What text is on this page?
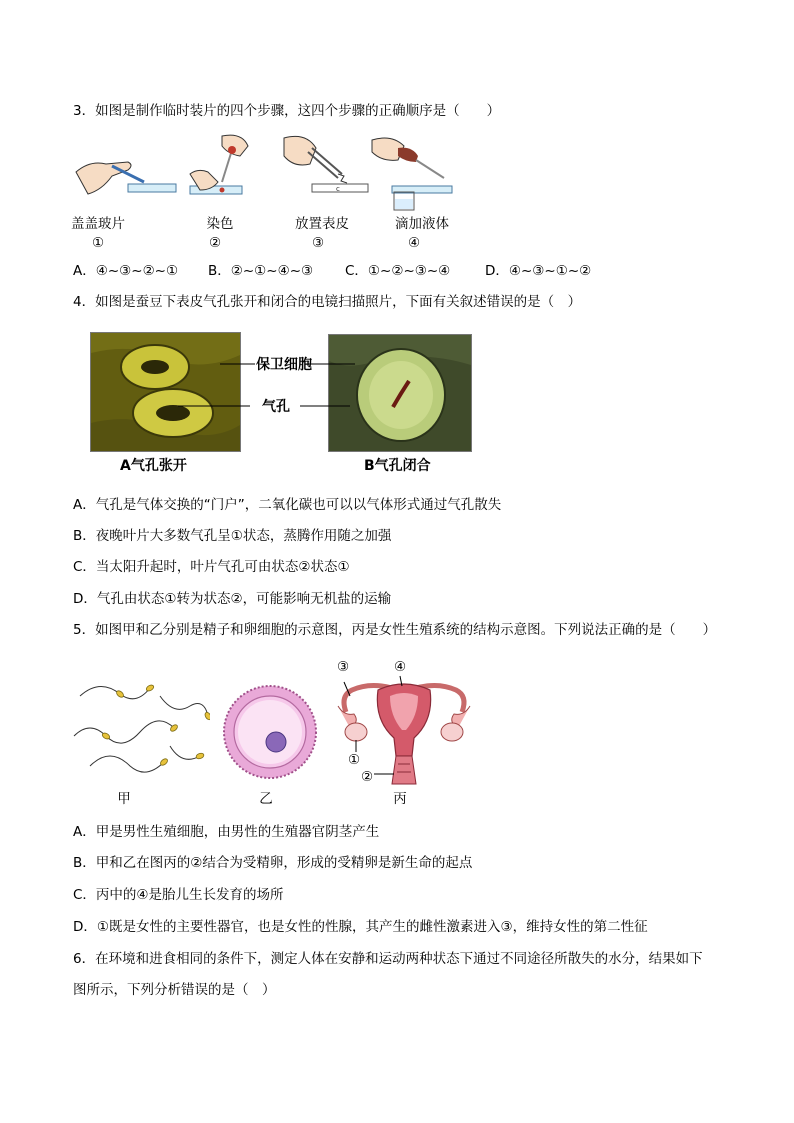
3．如图是制作临时装片的四个步骤，这四个步骤的正确顺序是（　　）
c
盖盖玻片
①
染色
②
放置表皮
③
滴加液体
④
A．④~③~②~① B．②~①~④~③ C．①~②~③~④	D．④~③~①~②
4．如图是蚕豆下表皮气孔张开和闭合的电镜扫描照片，下面有关叙述错误的是（　）
保卫细胞
气孔
A气孔张开	B气孔闭合
A．气孔是气体交换的“门户”，二氧化碳也可以以气体形式通过气孔散失
B．夜晚叶片大多数气孔呈①状态，蒸腾作用随之加强
C．当太阳升起时，叶片气孔可由状态②状态①
D．气孔由状态①转为状态②，可能影响无机盐的运输
5．如图甲和乙分别是精子和卵细胞的示意图，丙是女性生殖系统的结构示意图。下列说法正确的是（　　）
③	④
①
②
甲	乙	丙
A．甲是男性生殖细胞，由男性的生殖器官阴茎产生
B．甲和乙在图丙的②结合为受精卵，形成的受精卵是新生命的起点
C．丙中的④是胎儿生长发育的场所
D．①既是女性的主要性器官，也是女性的性腺，其产生的雌性激素进入③，维持女性的第二性征
6．在环境和进食相同的条件下，测定人体在安静和运动两种状态下通过不同途径所散失的水分，结果如下
图所示，下列分析错误的是（　）
